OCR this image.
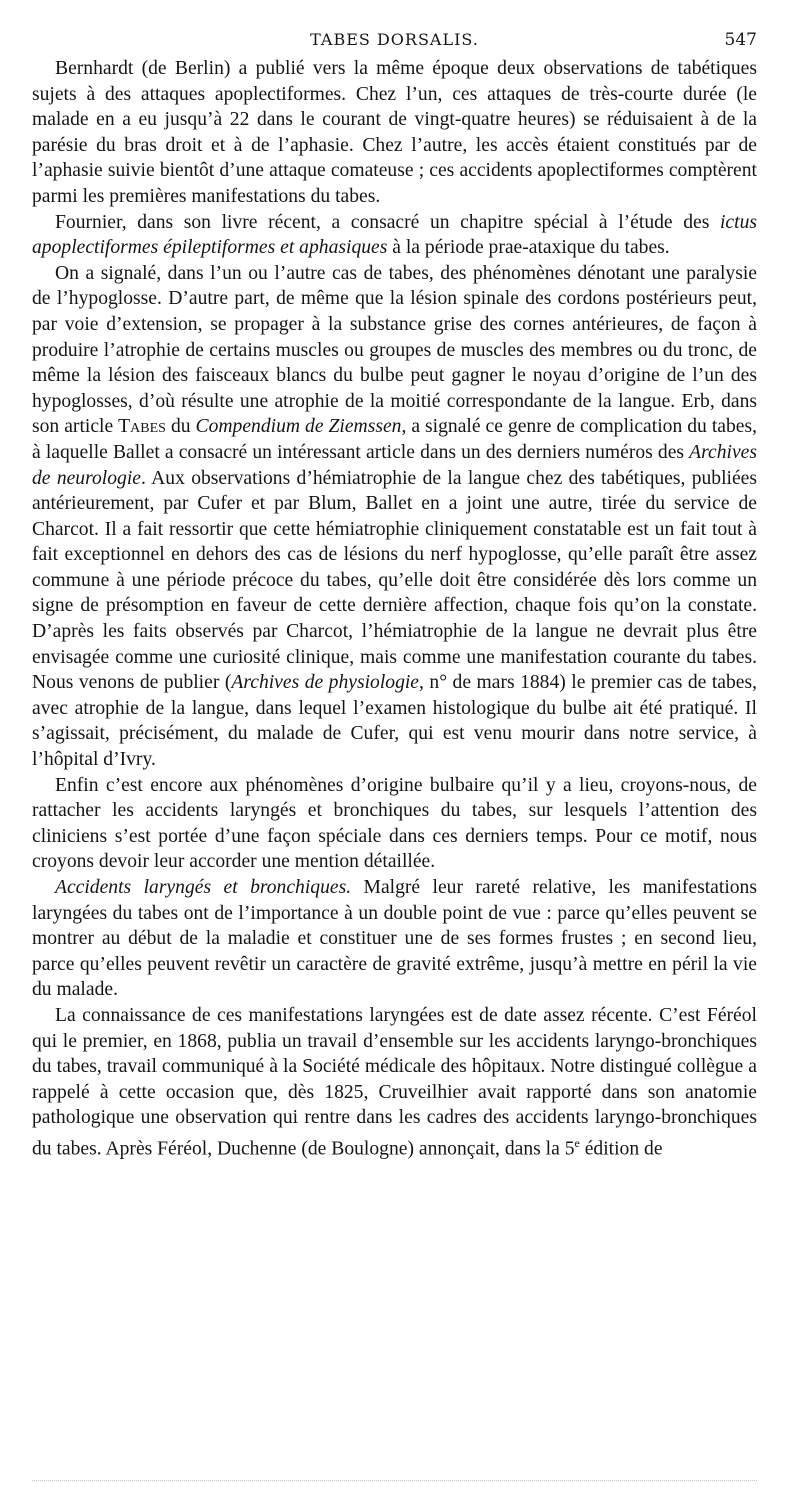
TABES DORSALIS.	547

Bernhardt (de Berlin) a publié vers la même époque deux observations de tabétiques sujets à des attaques apoplectiformes. Chez l’un, ces attaques de très-courte durée (le malade en a eu jusqu’à 22 dans le courant de vingt-quatre heures) se réduisaient à de la parésie du bras droit et à de l’aphasie. Chez l’autre, les accès étaient constitués par de l’aphasie suivie bientôt d’une attaque comateuse ; ces accidents apoplectiformes comptèrent parmi les premières manifestations du tabes.

Fournier, dans son livre récent, a consacré un chapitre spécial à l’étude des ictus apoplectiformes épileptiformes et aphasiques à la période prae-ataxique du tabes.

On a signalé, dans l’un ou l’autre cas de tabes, des phénomènes dénotant une paralysie de l’hypoglosse. D’autre part, de même que la lésion spinale des cordons postérieurs peut, par voie d’extension, se propager à la substance grise des cornes antérieures, de façon à produire l’atrophie de certains muscles ou groupes de muscles des membres ou du tronc, de même la lésion des faisceaux blancs du bulbe peut gagner le noyau d’origine de l’un des hypoglosses, d’où résulte une atrophie de la moitié correspondante de la langue. Erb, dans son article Tabes du Compendium de Ziemssen, a signalé ce genre de complication du tabes, à laquelle Ballet a consacré un intéressant article dans un des derniers numéros des Archives de neurologie. Aux observations d’hémiatrophie de la langue chez des tabétiques, publiées antérieurement, par Cufer et par Blum, Ballet en a joint une autre, tirée du service de Charcot. Il a fait ressortir que cette hémiatrophie cliniquement constatable est un fait tout à fait exceptionnel en dehors des cas de lésions du nerf hypoglosse, qu’elle paraît être assez commune à une période précoce du tabes, qu’elle doit être considérée dès lors comme un signe de présomption en faveur de cette dernière affection, chaque fois qu’on la constate. D’après les faits observés par Charcot, l’hémiatrophie de la langue ne devrait plus être envisagée comme une curiosité clinique, mais comme une manifestation courante du tabes. Nous venons de publier (Archives de physiologie, n° de mars 1884) le premier cas de tabes, avec atrophie de la langue, dans lequel l’examen histologique du bulbe ait été pratiqué. Il s’agissait, précisément, du malade de Cufer, qui est venu mourir dans notre service, à l’hôpital d’Ivry.

Enfin c’est encore aux phénomènes d’origine bulbaire qu’il y a lieu, croyons-nous, de rattacher les accidents laryngés et bronchiques du tabes, sur lesquels l’attention des cliniciens s’est portée d’une façon spéciale dans ces derniers temps. Pour ce motif, nous croyons devoir leur accorder une mention détaillée.

Accidents laryngés et bronchiques. Malgré leur rareté relative, les manifestations laryngées du tabes ont de l’importance à un double point de vue : parce qu’elles peuvent se montrer au début de la maladie et constituer une de ses formes frustes ; en second lieu, parce qu’elles peuvent revêtir un caractère de gravité extrême, jusqu’à mettre en péril la vie du malade.

La connaissance de ces manifestations laryngées est de date assez récente. C’est Féréol qui le premier, en 1868, publia un travail d’ensemble sur les accidents laryngo-bronchiques du tabes, travail communiqué à la Société médicale des hôpitaux. Notre distingué collègue a rappelé à cette occasion que, dès 1825, Cruveilhier avait rapporté dans son anatomie pathologique une observation qui rentre dans les cadres des accidents laryngo-bronchiques du tabes. Après Féréol, Duchenne (de Boulogne) annonçait, dans la 5e édition de
